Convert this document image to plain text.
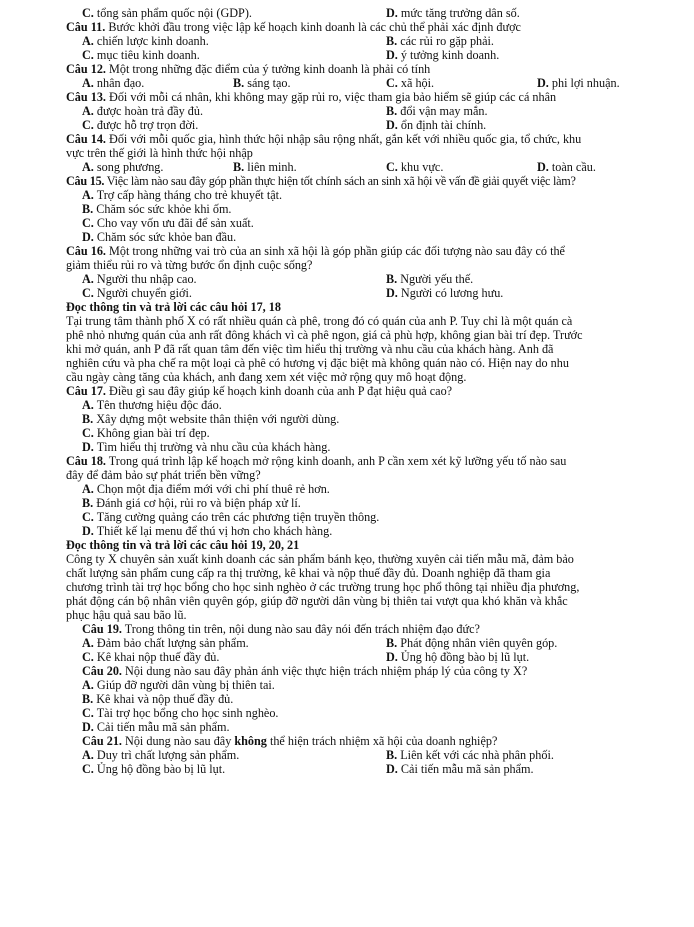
C. tổng sản phẩm quốc nội (GDP).	D. mức tăng trưởng dân số.
Câu 11. Bước khởi đầu trong việc lập kế hoạch kinh doanh là các chủ thể phải xác định được
A. chiến lược kinh doanh.	B. các rủi ro gặp phải.
C. mục tiêu kinh doanh.	D. ý tưởng kinh doanh.
Câu 12. Một trong những đặc điểm của ý tưởng kinh doanh là phải có tính
A. nhân đạo.	B. sáng tạo.	C. xã hội.	D. phi lợi nhuận.
Câu 13. Đối với mỗi cá nhân, khi không may gặp rủi ro, việc tham gia bảo hiểm sẽ giúp các cá nhân
A. được hoàn trả đầy đủ.	B. đổi vận may mắn.
C. được hỗ trợ trọn đời.	D. ổn định tài chính.
Câu 14. Đối với mỗi quốc gia, hình thức hội nhập sâu rộng nhất, gắn kết với nhiều quốc gia, tổ chức, khu
vực trên thế giới là hình thức hội nhập
A. song phương.	B. liên minh.	C. khu vực.	D. toàn cầu.
Câu 15. Việc làm nào sau đây góp phần thực hiện tốt chính sách an sinh xã hội về vấn đề giải quyết việc làm?
A. Trợ cấp hàng tháng cho trẻ khuyết tật.
B. Chăm sóc sức khỏe khi ốm.
C. Cho vay vốn ưu đãi để sản xuất.
D. Chăm sóc sức khỏe ban đầu.
Câu 16. Một trong những vai trò của an sinh xã hội là góp phần giúp các đối tượng nào sau đây có thể
giảm thiểu rủi ro và từng bước ổn định cuộc sống?
A. Người thu nhập cao.	B. Người yếu thế.
C. Người chuyển giới.	D. Người có lương hưu.
Đọc thông tin và trả lời các câu hỏi 17, 18
Tại trung tâm thành phố X có rất nhiều quán cà phê, trong đó có quán của anh P. Tuy chỉ là một quán cà
phê nhỏ nhưng quán của anh rất đông khách vì cà phê ngon, giá cả phù hợp, không gian bài trí đẹp. Trước
khi mở quán, anh P đã rất quan tâm đến việc tìm hiểu thị trường và nhu cầu của khách hàng. Anh đã
nghiên cứu và pha chế ra một loại cà phê có hương vị đặc biệt mà không quán nào có. Hiện nay do nhu
cầu ngày càng tăng của khách, anh đang xem xét việc mở rộng quy mô hoạt động.
Câu 17. Điều gì sau đây giúp kế hoạch kinh doanh của anh P đạt hiệu quả cao?
A. Tên thương hiệu độc đáo.
B. Xây dựng một website thân thiện với người dùng.
C. Không gian bài trí đẹp.
D. Tìm hiểu thị trường và nhu cầu của khách hàng.
Câu 18. Trong quá trình lập kế hoạch mở rộng kinh doanh, anh P cần xem xét kỹ lưỡng yếu tố nào sau
đây để đảm bảo sự phát triển bền vững?
A. Chọn một địa điểm mới với chi phí thuê rẻ hơn.
B. Đánh giá cơ hội, rủi ro và biện pháp xử lí.
C. Tăng cường quảng cáo trên các phương tiện truyền thông.
D. Thiết kế lại menu để thú vị hơn cho khách hàng.
Đọc thông tin và trả lời các câu hỏi 19, 20, 21
Công ty X chuyên sản xuất kinh doanh các sản phẩm bánh kẹo, thường xuyên cải tiến mẫu mã, đảm bảo
chất lượng sản phẩm cung cấp ra thị trường, kê khai và nộp thuế đầy đủ. Doanh nghiệp đã tham gia
chương trình tài trợ học bổng cho học sinh nghèo ở các trường trung học phổ thông tại nhiều địa phương,
phát động cán bộ nhân viên quyên góp, giúp đỡ người dân vùng bị thiên tai vượt qua khó khăn và khắc
phục hậu quả sau bão lũ.
Câu 19. Trong thông tin trên, nội dung nào sau đây nói đến trách nhiệm đạo đức?
A. Đảm bảo chất lượng sản phẩm.	B. Phát động nhân viên quyên góp.
C. Kê khai nộp thuế đầy đủ.	D. Ủng hộ đồng bào bị lũ lụt.
Câu 20. Nội dung nào sau đây phản ánh việc thực hiện trách nhiệm pháp lý của công ty X?
A. Giúp đỡ người dân vùng bị thiên tai.
B. Kê khai và nộp thuế đầy đủ.
C. Tài trợ học bổng cho học sinh nghèo.
D. Cải tiến mẫu mã sản phẩm.
Câu 21. Nội dung nào sau đây không thể hiện trách nhiệm xã hội của doanh nghiệp?
A. Duy trì chất lượng sản phẩm.	B. Liên kết với các nhà phân phối.
C. Ủng hộ đồng bào bị lũ lụt.	D. Cải tiến mẫu mã sản phẩm.
